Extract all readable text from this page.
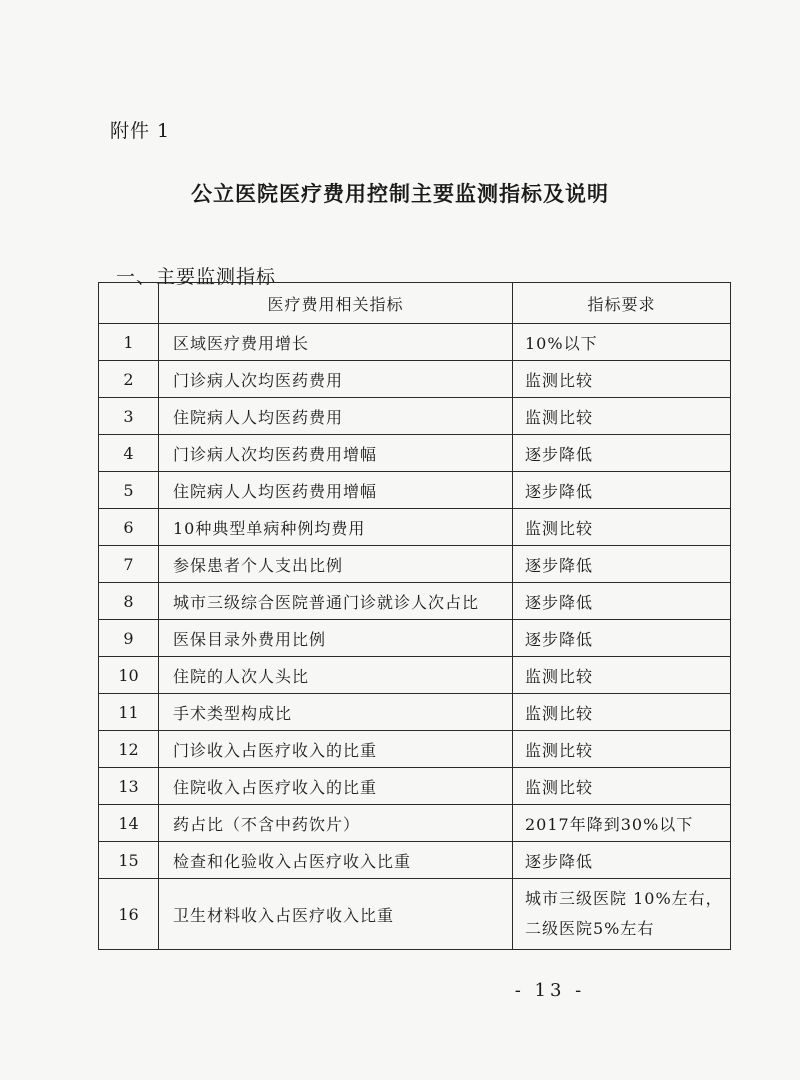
附件 1
公立医院医疗费用控制主要监测指标及说明
一、主要监测指标
	医疗费用相关指标	指标要求
1	区域医疗费用增长	10%以下
2	门诊病人次均医药费用	监测比较
3	住院病人人均医药费用	监测比较
4	门诊病人次均医药费用增幅	逐步降低
5	住院病人人均医药费用增幅	逐步降低
6	10种典型单病种例均费用	监测比较
7	参保患者个人支出比例	逐步降低
8	城市三级综合医院普通门诊就诊人次占比	逐步降低
9	医保目录外费用比例	逐步降低
10	住院的人次人头比	监测比较
11	手术类型构成比	监测比较
12	门诊收入占医疗收入的比重	监测比较
13	住院收入占医疗收入的比重	监测比较
14	药占比（不含中药饮片）	2017年降到30%以下
15	检查和化验收入占医疗收入比重	逐步降低
16	卫生材料收入占医疗收入比重	城市三级医院 10%左右，二级医院5%左右
- 13 -
